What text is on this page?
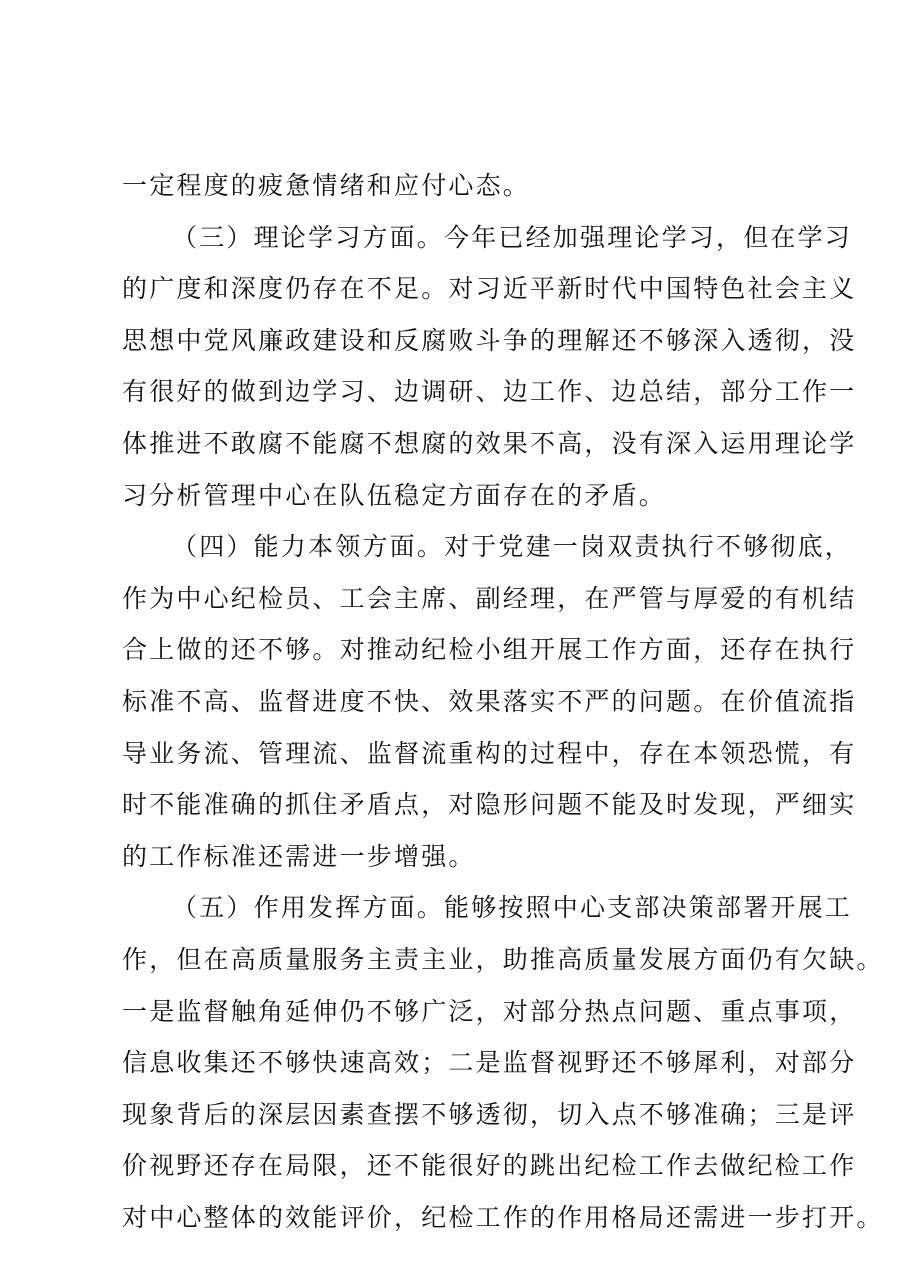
一定程度的疲惫情绪和应付心态。
（三）理论学习方面。今年已经加强理论学习，但在学习
的广度和深度仍存在不足。对习近平新时代中国特色社会主义
思想中党风廉政建设和反腐败斗争的理解还不够深入透彻，没
有很好的做到边学习、边调研、边工作、边总结，部分工作一
体推进不敢腐不能腐不想腐的效果不高，没有深入运用理论学
习分析管理中心在队伍稳定方面存在的矛盾。
（四）能力本领方面。对于党建一岗双责执行不够彻底，
作为中心纪检员、工会主席、副经理，在严管与厚爱的有机结
合上做的还不够。对推动纪检小组开展工作方面，还存在执行
标准不高、监督进度不快、效果落实不严的问题。在价值流指
导业务流、管理流、监督流重构的过程中，存在本领恐慌，有
时不能准确的抓住矛盾点，对隐形问题不能及时发现，严细实
的工作标准还需进一步增强。
（五）作用发挥方面。能够按照中心支部决策部署开展工
作，但在高质量服务主责主业，助推高质量发展方面仍有欠缺。
一是监督触角延伸仍不够广泛，对部分热点问题、重点事项，
信息收集还不够快速高效；二是监督视野还不够犀利，对部分
现象背后的深层因素查摆不够透彻，切入点不够准确；三是评
价视野还存在局限，还不能很好的跳出纪检工作去做纪检工作
对中心整体的效能评价，纪检工作的作用格局还需进一步打开。
